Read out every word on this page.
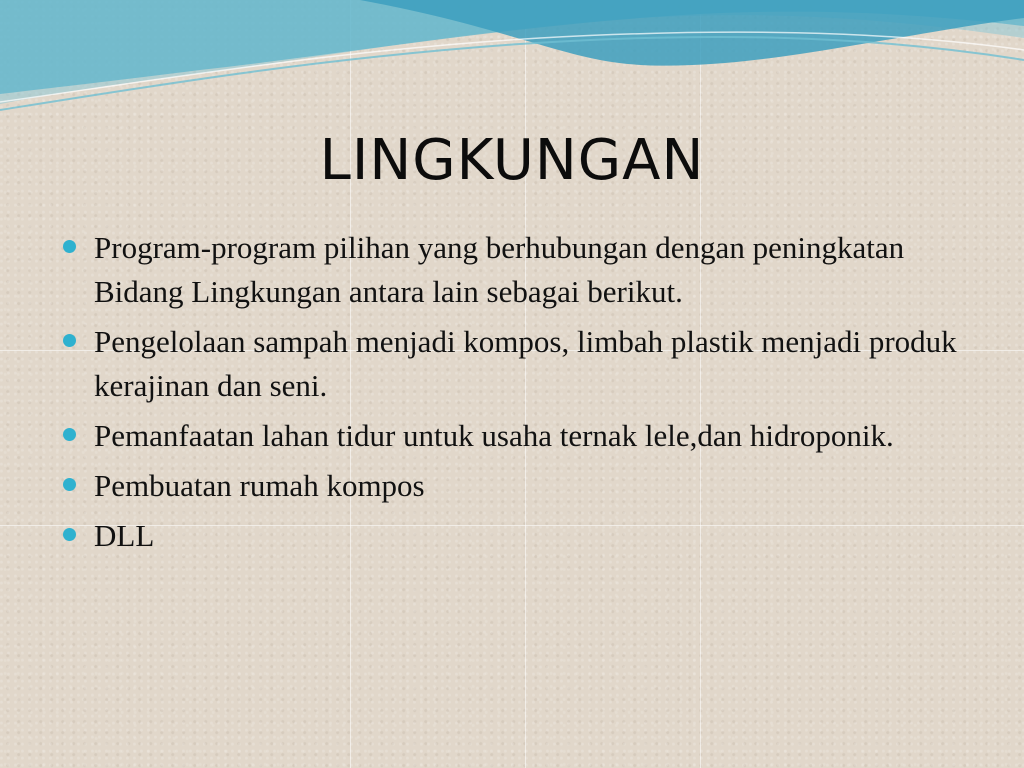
LINGKUNGAN
Program-program pilihan yang berhubungan dengan peningkatan Bidang Lingkungan antara lain sebagai berikut.
Pengelolaan sampah menjadi kompos, limbah plastik menjadi produk kerajinan dan seni.
Pemanfaatan lahan tidur untuk usaha ternak lele,dan hidroponik.
Pembuatan rumah kompos
DLL
